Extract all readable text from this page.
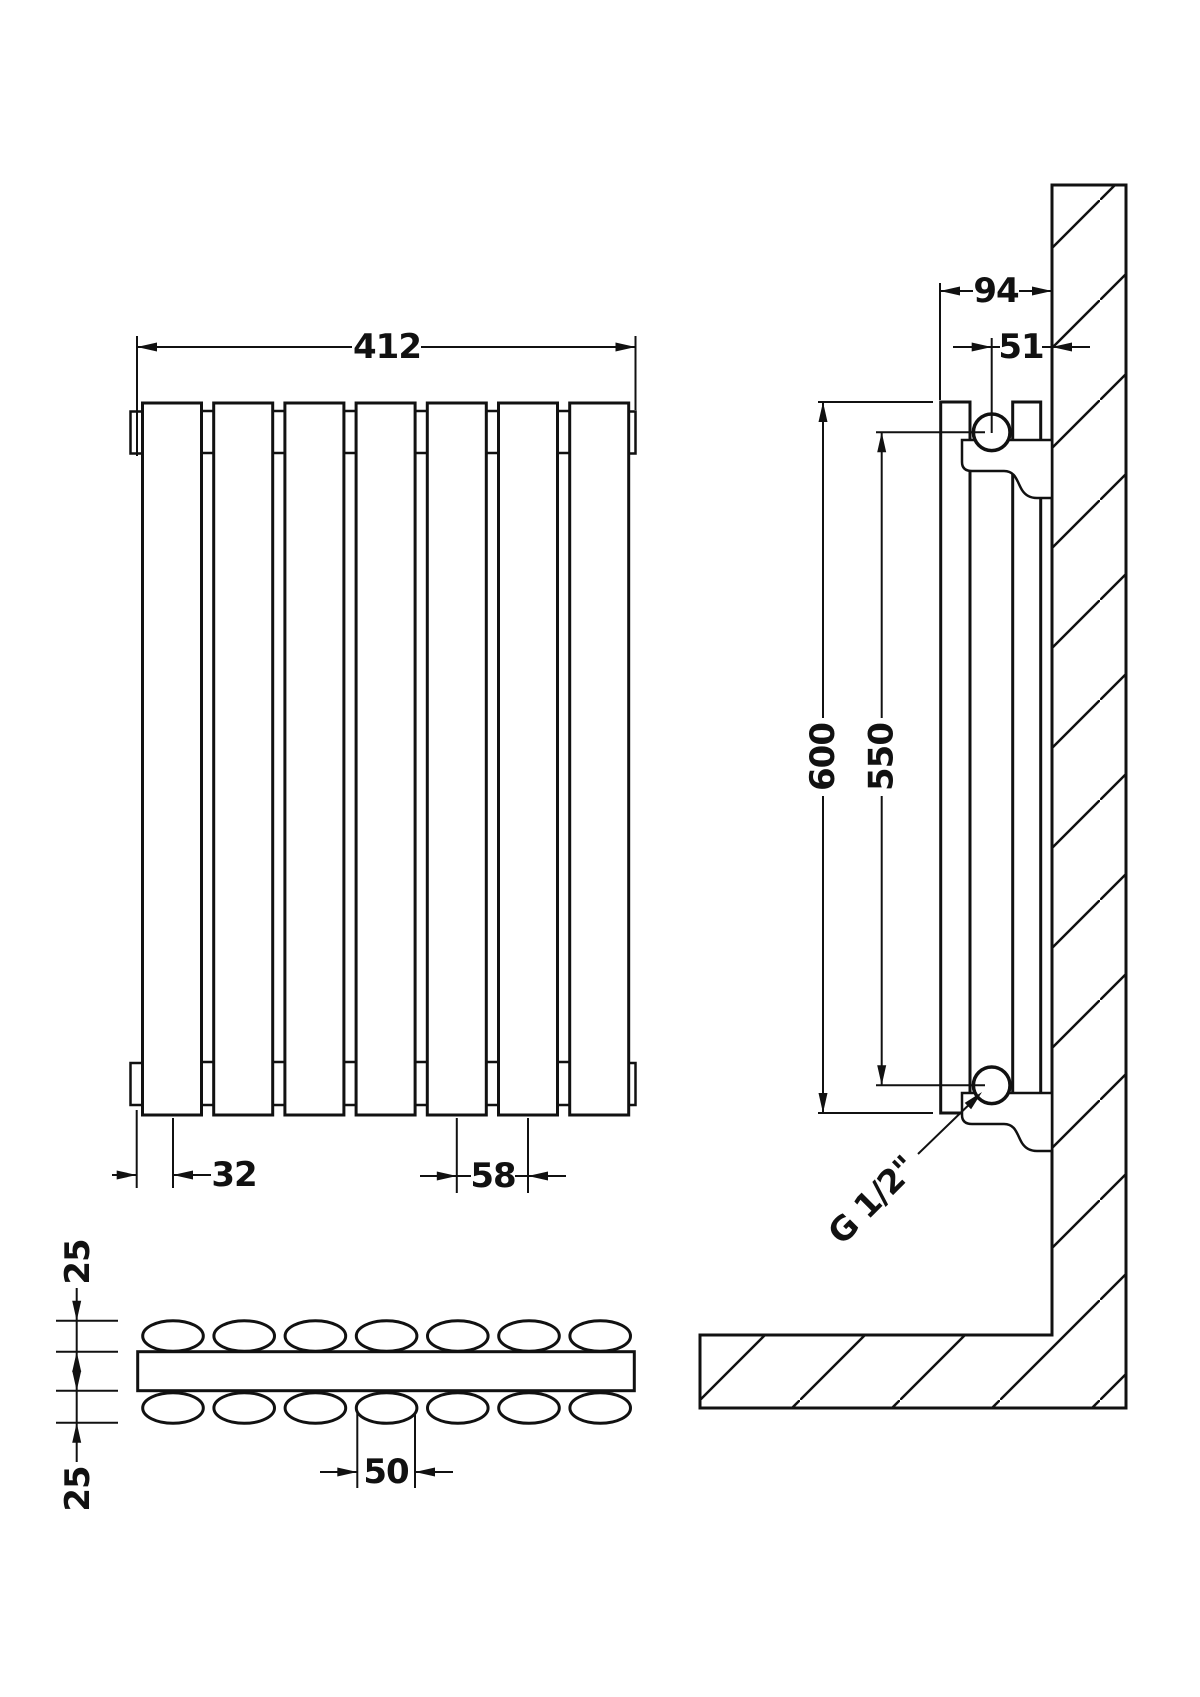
94
51
600 550
G 1/2"
412
32	58
25
25	50
